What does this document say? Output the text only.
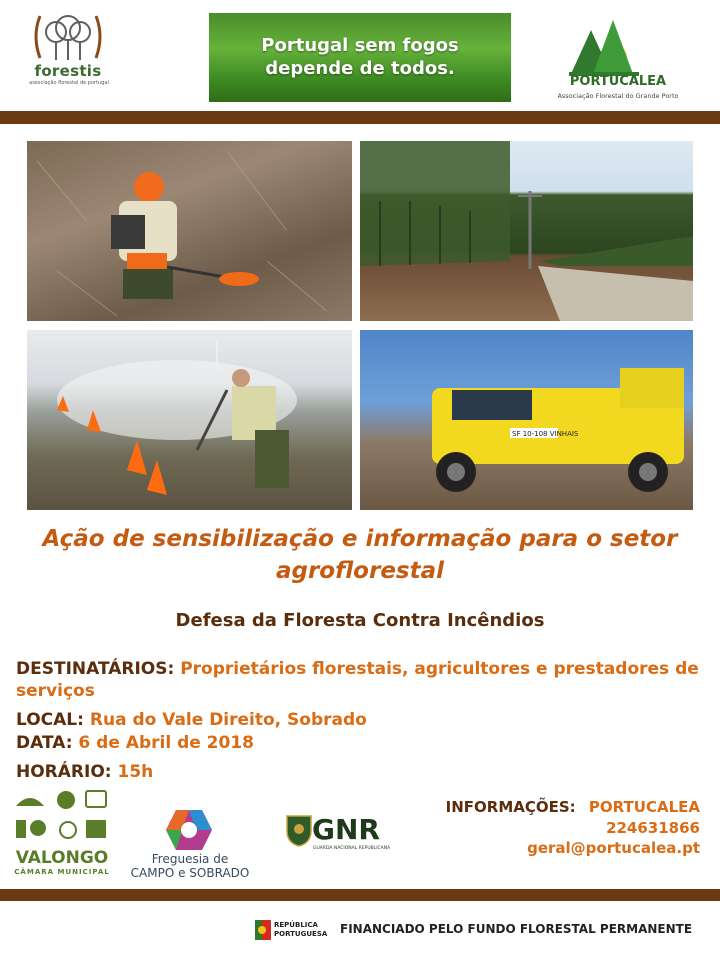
forestis
associação florestal de portugal
Portugal sem fogos
depende de todos.
PORTUCALEA
Associação Florestal do Grande Porto
SF 10-108 VINHAIS
Ação de sensibilização e informação para o setor agroflorestal
Defesa da Floresta Contra Incêndios
DESTINATÁRIOS: Proprietários florestais, agricultores e prestadores de serviços
LOCAL: Rua do Vale Direito, Sobrado
DATA: 6 de Abril de 2018
HORÁRIO: 15h
VALONGO
CÂMARA MUNICIPAL
Freguesia de
CAMPO e SOBRADO
GNR
GUARDA NACIONAL REPUBLICANA
INFORMAÇÕES: PORTUCALEA
224631866
geral@portucalea.pt
REPÚBLICA
PORTUGUESA FINANCIADO PELO FUNDO FLORESTAL PERMANENTE
